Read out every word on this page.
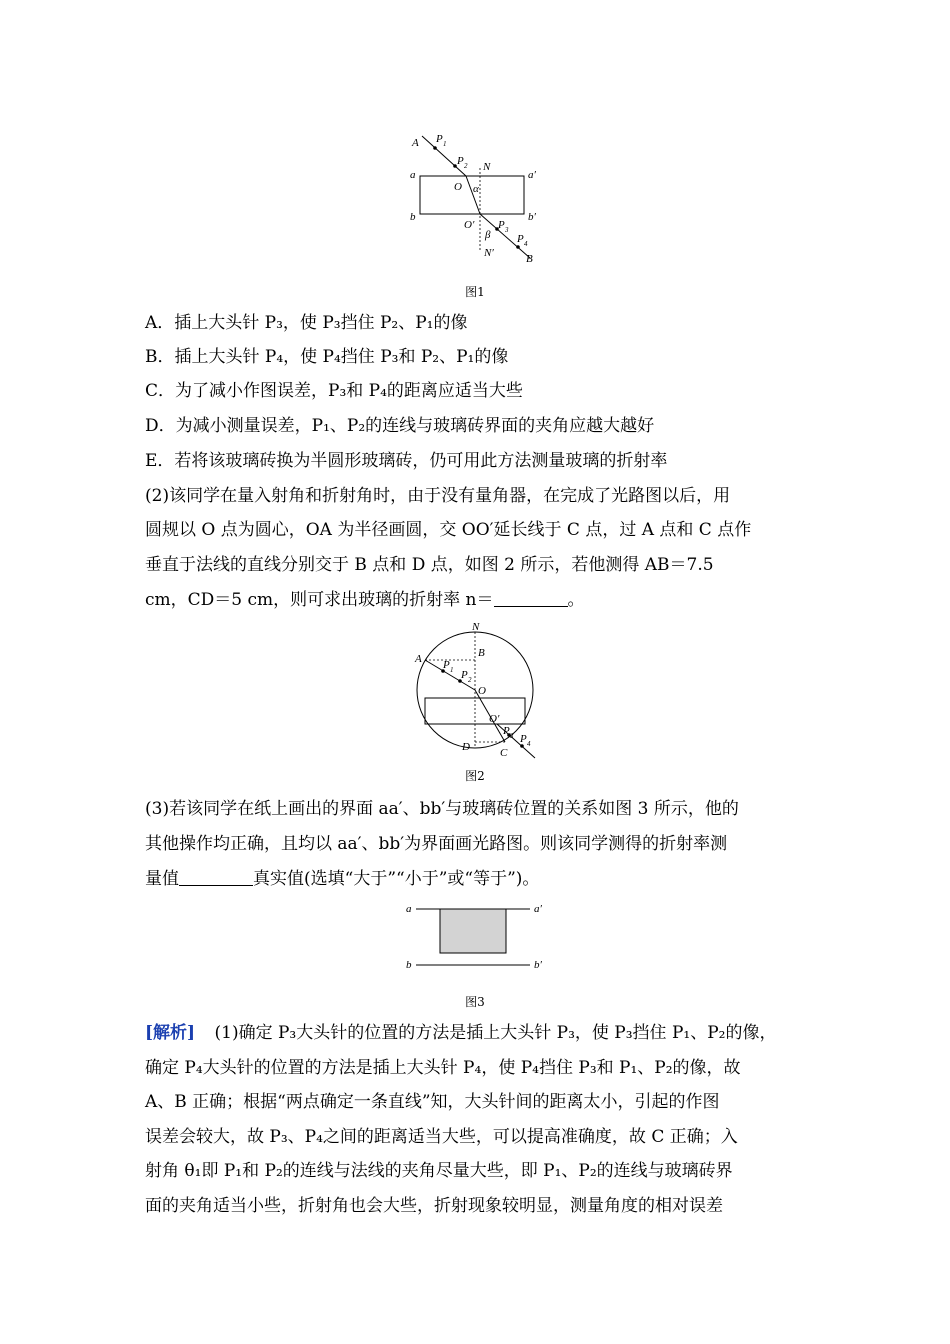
A P 1
P 2 N
a	a′
O α
b	b′
O′ P 3
β P 4
N′	B
图1
A．插上大头针 P₃，使 P₃挡住 P₂、P₁的像
B．插上大头针 P₄，使 P₄挡住 P₃和 P₂、P₁的像
C．为了减小作图误差，P₃和 P₄的距离应适当大些
D．为减小测量误差，P₁、P₂的连线与玻璃砖界面的夹角应越大越好
E．若将该玻璃砖换为半圆形玻璃砖，仍可用此方法测量玻璃的折射率
(2)该同学在量入射角和折射角时，由于没有量角器，在完成了光路图以后，用
圆规以 O 点为圆心，OA 为半径画圆，交 OO′延长线于 C 点，过 A 点和 C 点作
垂直于法线的直线分别交于 B 点和 D 点，如图 2 所示，若他测得 AB＝7.5
cm，CD＝5 cm，则可求出玻璃的折射率 n＝	。
N
A	B
P 1 P 2
O
O′
D
P 3 P 4
C
图2
(3)若该同学在纸上画出的界面 aa′、bb′与玻璃砖位置的关系如图 3 所示，他的
其他操作均正确，且均以 aa′、bb′为界面画光路图。则该同学测得的折射率测
量值	真实值(选填“大于”“小于”或“等于”)。
a	a′
b	b′
图3
[解析] (1)确定 P₃大头针的位置的方法是插上大头针 P₃，使 P₃挡住 P₁、P₂的像，
确定 P₄大头针的位置的方法是插上大头针 P₄，使 P₄挡住 P₃和 P₁、P₂的像，故
A、B 正确；根据“两点确定一条直线”知，大头针间的距离太小，引起的作图
误差会较大，故 P₃、P₄之间的距离适当大些，可以提高准确度，故 C 正确；入
射角 θ₁即 P₁和 P₂的连线与法线的夹角尽量大些，即 P₁、P₂的连线与玻璃砖界
面的夹角适当小些，折射角也会大些，折射现象较明显，测量角度的相对误差
